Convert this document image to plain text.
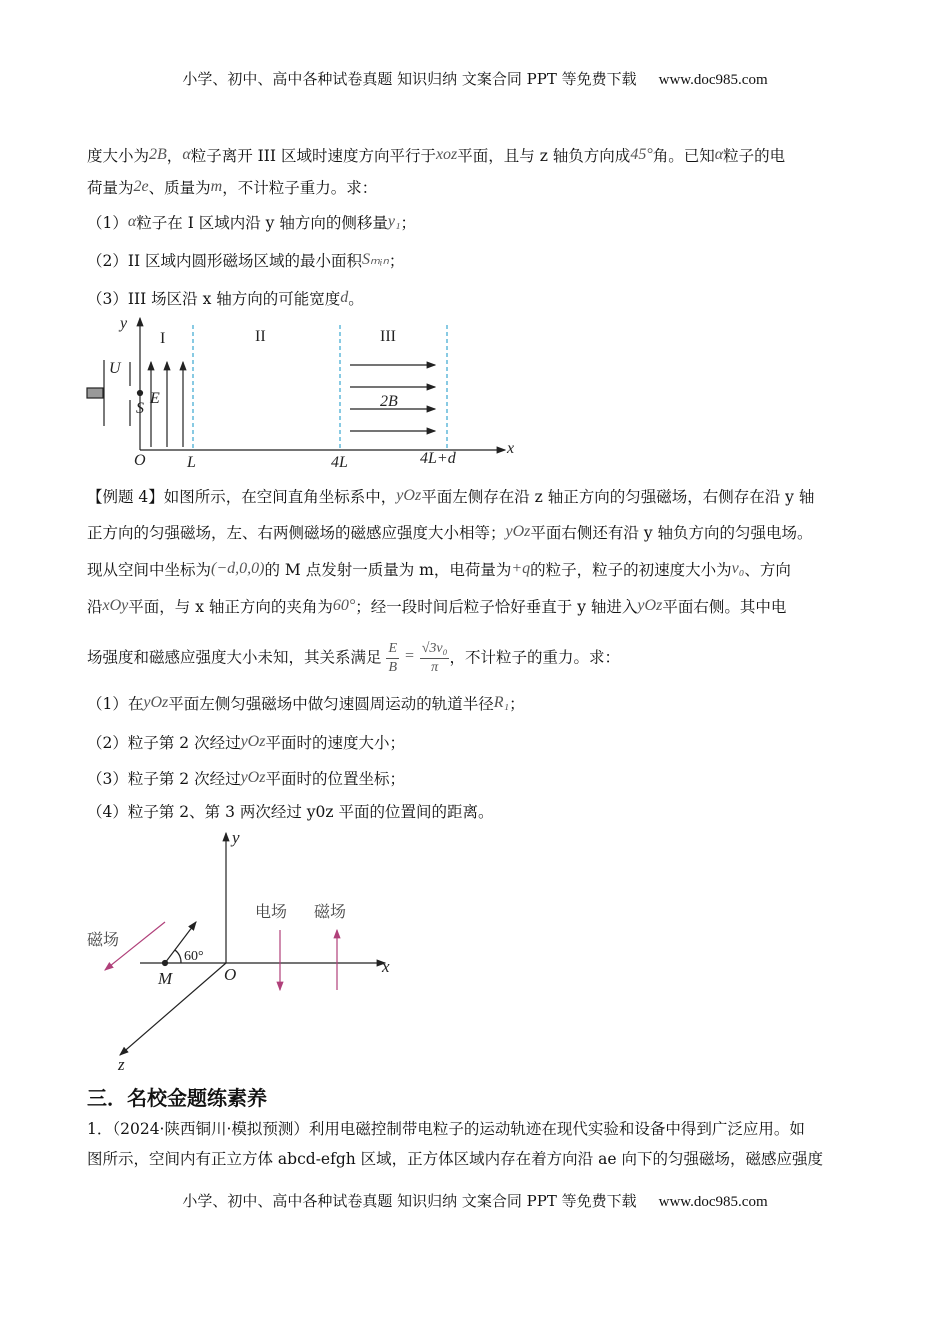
小学、初中、高中各种试卷真题 知识归纳 文案合同 PPT 等免费下载 www.doc985.com
度大小为2B，α粒子离开 III 区域时速度方向平行于xoz平面，且与 z 轴负方向成45°角。已知α粒子的电
荷量为2e、质量为m，不计粒子重力。求：
（1）α粒子在 I 区域内沿 y 轴方向的侧移量y₁；
（2）II 区域内圆形磁场区域的最小面积Sₘᵢₙ；
（3）III 场区沿 x 轴方向的可能宽度d。
【例题 4】如图所示，在空间直角坐标系中，yOz平面左侧存在沿 z 轴正方向的匀强磁场，右侧存在沿 y 轴
正方向的匀强磁场，左、右两侧磁场的磁感应强度大小相等；yOz平面右侧还有沿 y 轴负方向的匀强电场。
现从空间中坐标为(−d,0,0)的 M 点发射一质量为 m，电荷量为+q的粒子，粒子的初速度大小为v₀、方向
沿xOy平面，与 x 轴正方向的夹角为60°；经一段时间后粒子恰好垂直于 y 轴进入yOz平面右侧。其中电
（1）在yOz平面左侧匀强磁场中做匀速圆周运动的轨道半径R₁；
（2）粒子第 2 次经过yOz平面时的速度大小；
（3）粒子第 2 次经过yOz平面时的位置坐标；
（4）粒子第 2、第 3 两次经过 y0z 平面的位置间的距离。
1．（2024·陕西铜川·模拟预测）利用电磁控制带电粒子的运动轨迹在现代实验和设备中得到广泛应用。如
图所示，空间内有正立方体 abcd-efgh 区域，正方体区域内存在着方向沿 ae 向下的匀强磁场，磁感应强度
场强度和磁感应强度大小未知，其关系满足 $\frac{E}{B} = \frac{\text{√3v₀}}{\pi}$ ，不计粒子的重力。求：
y
I	II	III
U
E
S	2B
O	L	4L	4L+d
x
y
x
z
O
M
60°
磁场
电场 磁场
三．名校金题练素养
小学、初中、高中各种试卷真题 知识归纳 文案合同 PPT 等免费下载 www.doc985.com
